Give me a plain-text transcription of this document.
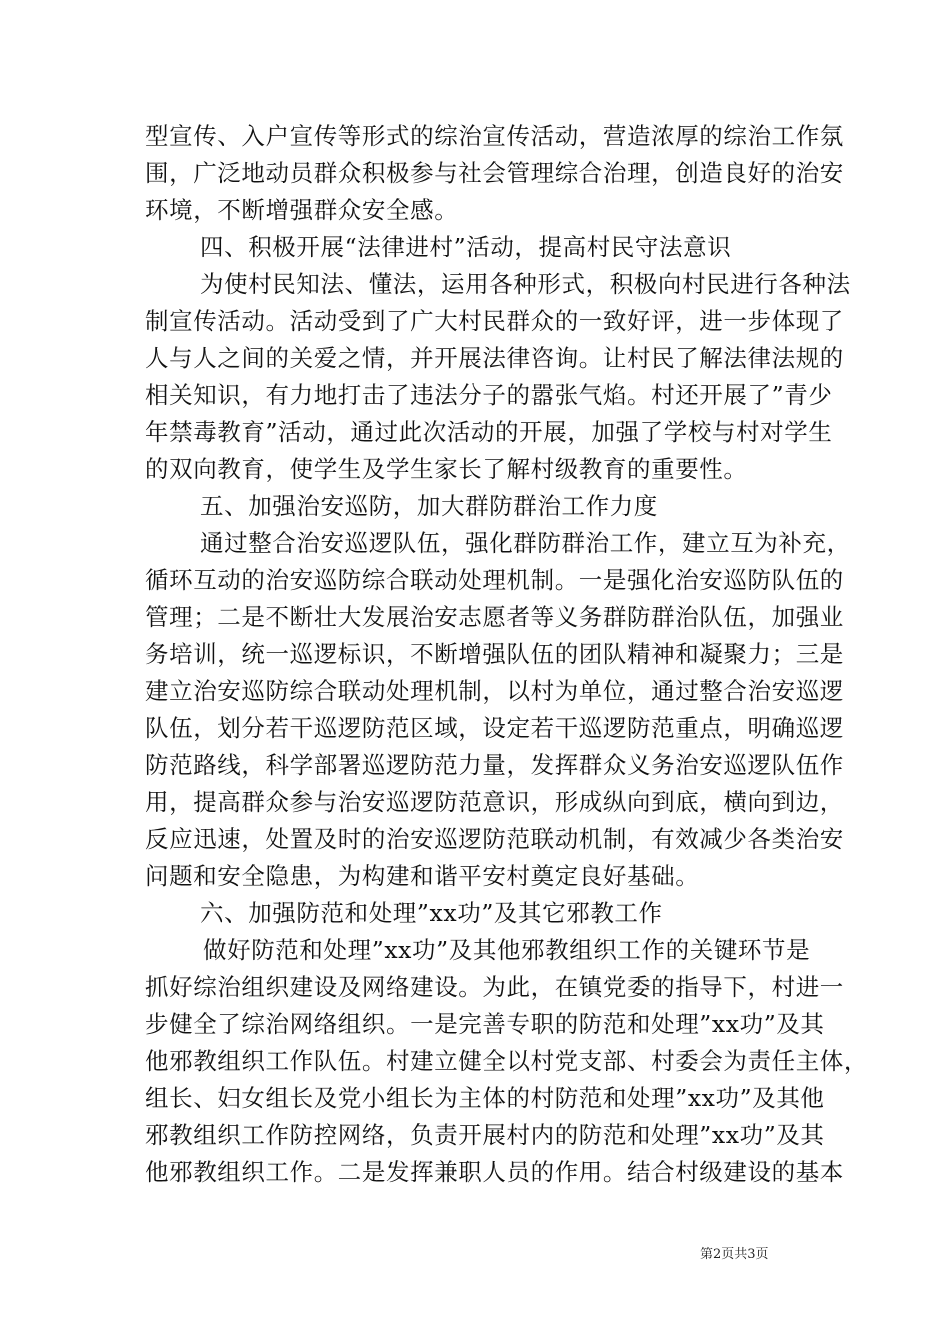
型宣传、入户宣传等形式的综治宣传活动，营造浓厚的综治工作氛
围，广泛地动员群众积极参与社会管理综合治理，创造良好的治安
环境，不断增强群众安全感。
四、积极开展“法律进村”活动，提高村民守法意识
为使村民知法、懂法，运用各种形式，积极向村民进行各种法
制宣传活动。活动受到了广大村民群众的一致好评，进一步体现了
人与人之间的关爱之情，并开展法律咨询。让村民了解法律法规的
相关知识，有力地打击了违法分子的嚣张气焰。村还开展了”青少
年禁毒教育”活动，通过此次活动的开展，加强了学校与村对学生
的双向教育，使学生及学生家长了解村级教育的重要性。
五、加强治安巡防，加大群防群治工作力度
通过整合治安巡逻队伍，强化群防群治工作，建立互为补充，
循环互动的治安巡防综合联动处理机制。一是强化治安巡防队伍的
管理；二是不断壮大发展治安志愿者等义务群防群治队伍，加强业
务培训，统一巡逻标识，不断增强队伍的团队精神和凝聚力；三是
建立治安巡防综合联动处理机制，以村为单位，通过整合治安巡逻
队伍，划分若干巡逻防范区域，设定若干巡逻防范重点，明确巡逻
防范路线，科学部署巡逻防范力量，发挥群众义务治安巡逻队伍作
用，提高群众参与治安巡逻防范意识，形成纵向到底，横向到边，
反应迅速，处置及时的治安巡逻防范联动机制，有效减少各类治安
问题和安全隐患，为构建和谐平安村奠定良好基础。
六、加强防范和处理”xx功”及其它邪教工作
做好防范和处理”xx功”及其他邪教组织工作的关键环节是
抓好综治组织建设及网络建设。为此，在镇党委的指导下，村进一
步健全了综治网络组织。一是完善专职的防范和处理”xx功”及其
他邪教组织工作队伍。村建立健全以村党支部、村委会为责任主体，
组长、妇女组长及党小组长为主体的村防范和处理”xx功”及其他
邪教组织工作防控网络，负责开展村内的防范和处理”xx功”及其
他邪教组织工作。二是发挥兼职人员的作用。结合村级建设的基本
第2页共3页
